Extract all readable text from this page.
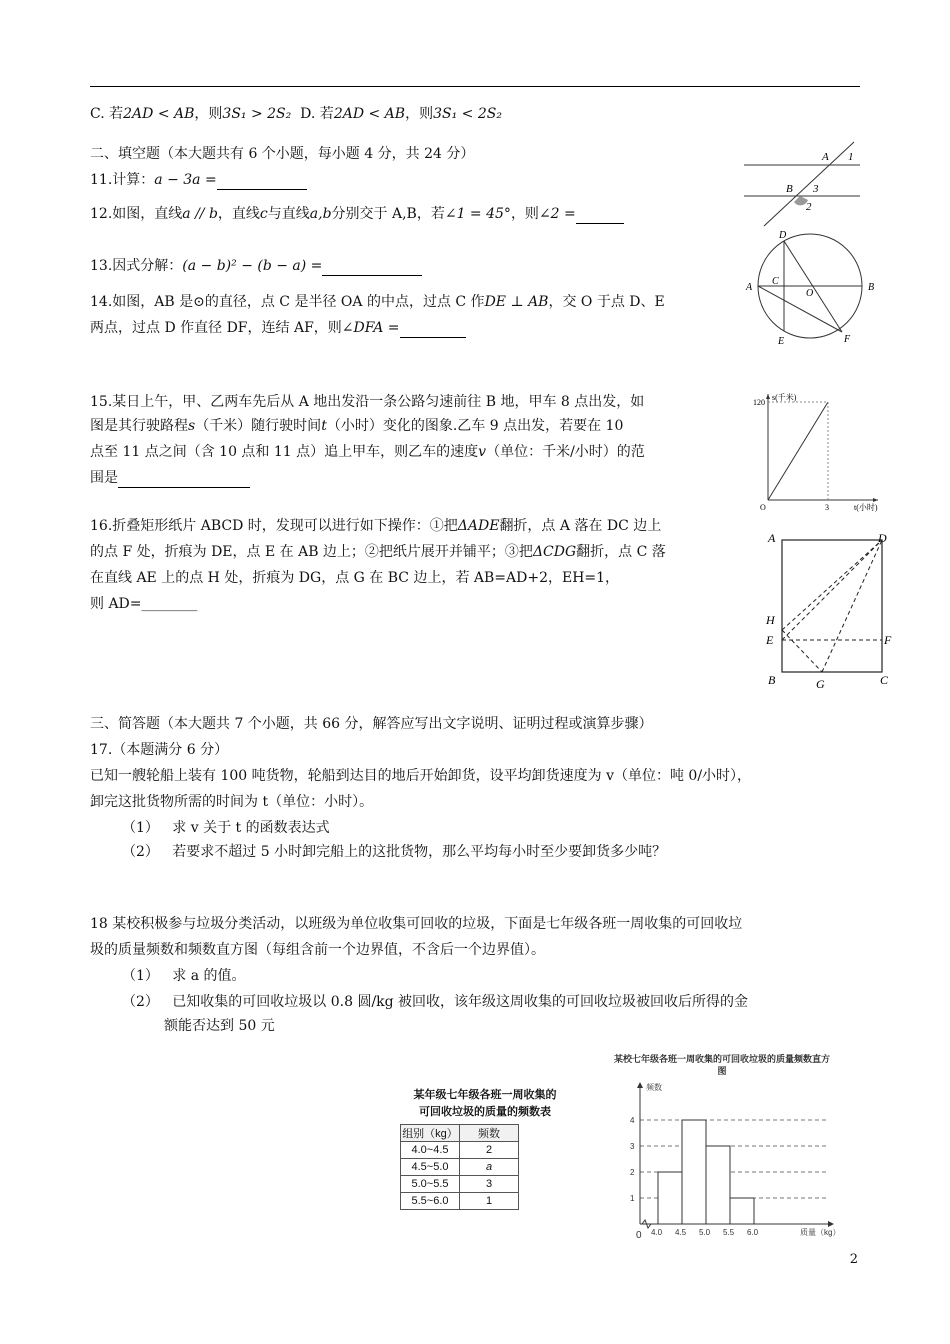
C. 若2AD < AB，则3S₁ > 2S₂ D. 若2AD < AB，则3S₁ < 2S₂
二、填空题（本大题共有 6 个小题，每小题 4 分，共 24 分）
11.计算：a − 3a =
12.如图，直线a // b，直线c与直线a,b分别交于 A,B，若∠1 = 45°，则∠2 =
13.因式分解：(a − b)² − (b − a) =
14.如图，AB 是⊙的直径，点 C 是半径 OA 的中点，过点 C 作DE ⊥ AB，交 O 于点 D、E
两点，过点 D 作直径 DF，连结 AF，则∠DFA =
15.某日上午，甲、乙两车先后从 A 地出发沿一条公路匀速前往 B 地，甲车 8 点出发，如
图是其行驶路程s（千米）随行驶时间t（小时）变化的图象.乙车 9 点出发，若要在 10
点至 11 点之间（含 10 点和 11 点）追上甲车，则乙车的速度v（单位：千米/小时）的范
围是
16.折叠矩形纸片 ABCD 时，发现可以进行如下操作：①把ΔADE翻折，点 A 落在 DC 边上
的点 F 处，折痕为 DE，点 E 在 AB 边上；②把纸片展开并铺平；③把ΔCDG翻折，点 C 落
在直线 AE 上的点 H 处，折痕为 DG，点 G 在 BC 边上，若 AB=AD+2，EH=1，
则 AD=________
三、简答题（本大题共 7 个小题，共 66 分，解答应写出文字说明、证明过程或演算步骤）
17.（本题满分 6 分）
已知一艘轮船上装有 100 吨货物，轮船到达目的地后开始卸货，设平均卸货速度为 v（单位：吨 0/小时），
卸完这批货物所需的时间为 t（单位：小时）。
（1） 求 v 关于 t 的函数表达式
（2） 若要求不超过 5 小时卸完船上的这批货物，那么平均每小时至少要卸货多少吨？
18 某校积极参与垃圾分类活动，以班级为单位收集可回收的垃圾，下面是七年级各班一周收集的可回收垃
圾的质量频数和频数直方图（每组含前一个边界值，不含后一个边界值）。
（1） 求 a 的值。
（2） 已知收集的可回收垃圾以 0.8 圆/kg 被回收，该年级这周收集的可回收垃圾被回收后所得的金
额能否达到 50 元
A 1
B 3
2
D
A
C
O
B
E	F
s(千米)
120
3
O	t(小时)
A	D
H
E	F
B	G	C
某年级七年级各班一周收集的
可回收垃圾的质量的频数表
组别（kg）	频数
4.0~4.5	2
4.5~5.0	a
5.0~5.5	3
5.5~6.0	1
某校七年级各班一周收集的可回收垃圾的质量频数直方图
1
2
3
4
4.0 4.5 5.0 5.5 6.0
0
频数
质量（kg）
2
